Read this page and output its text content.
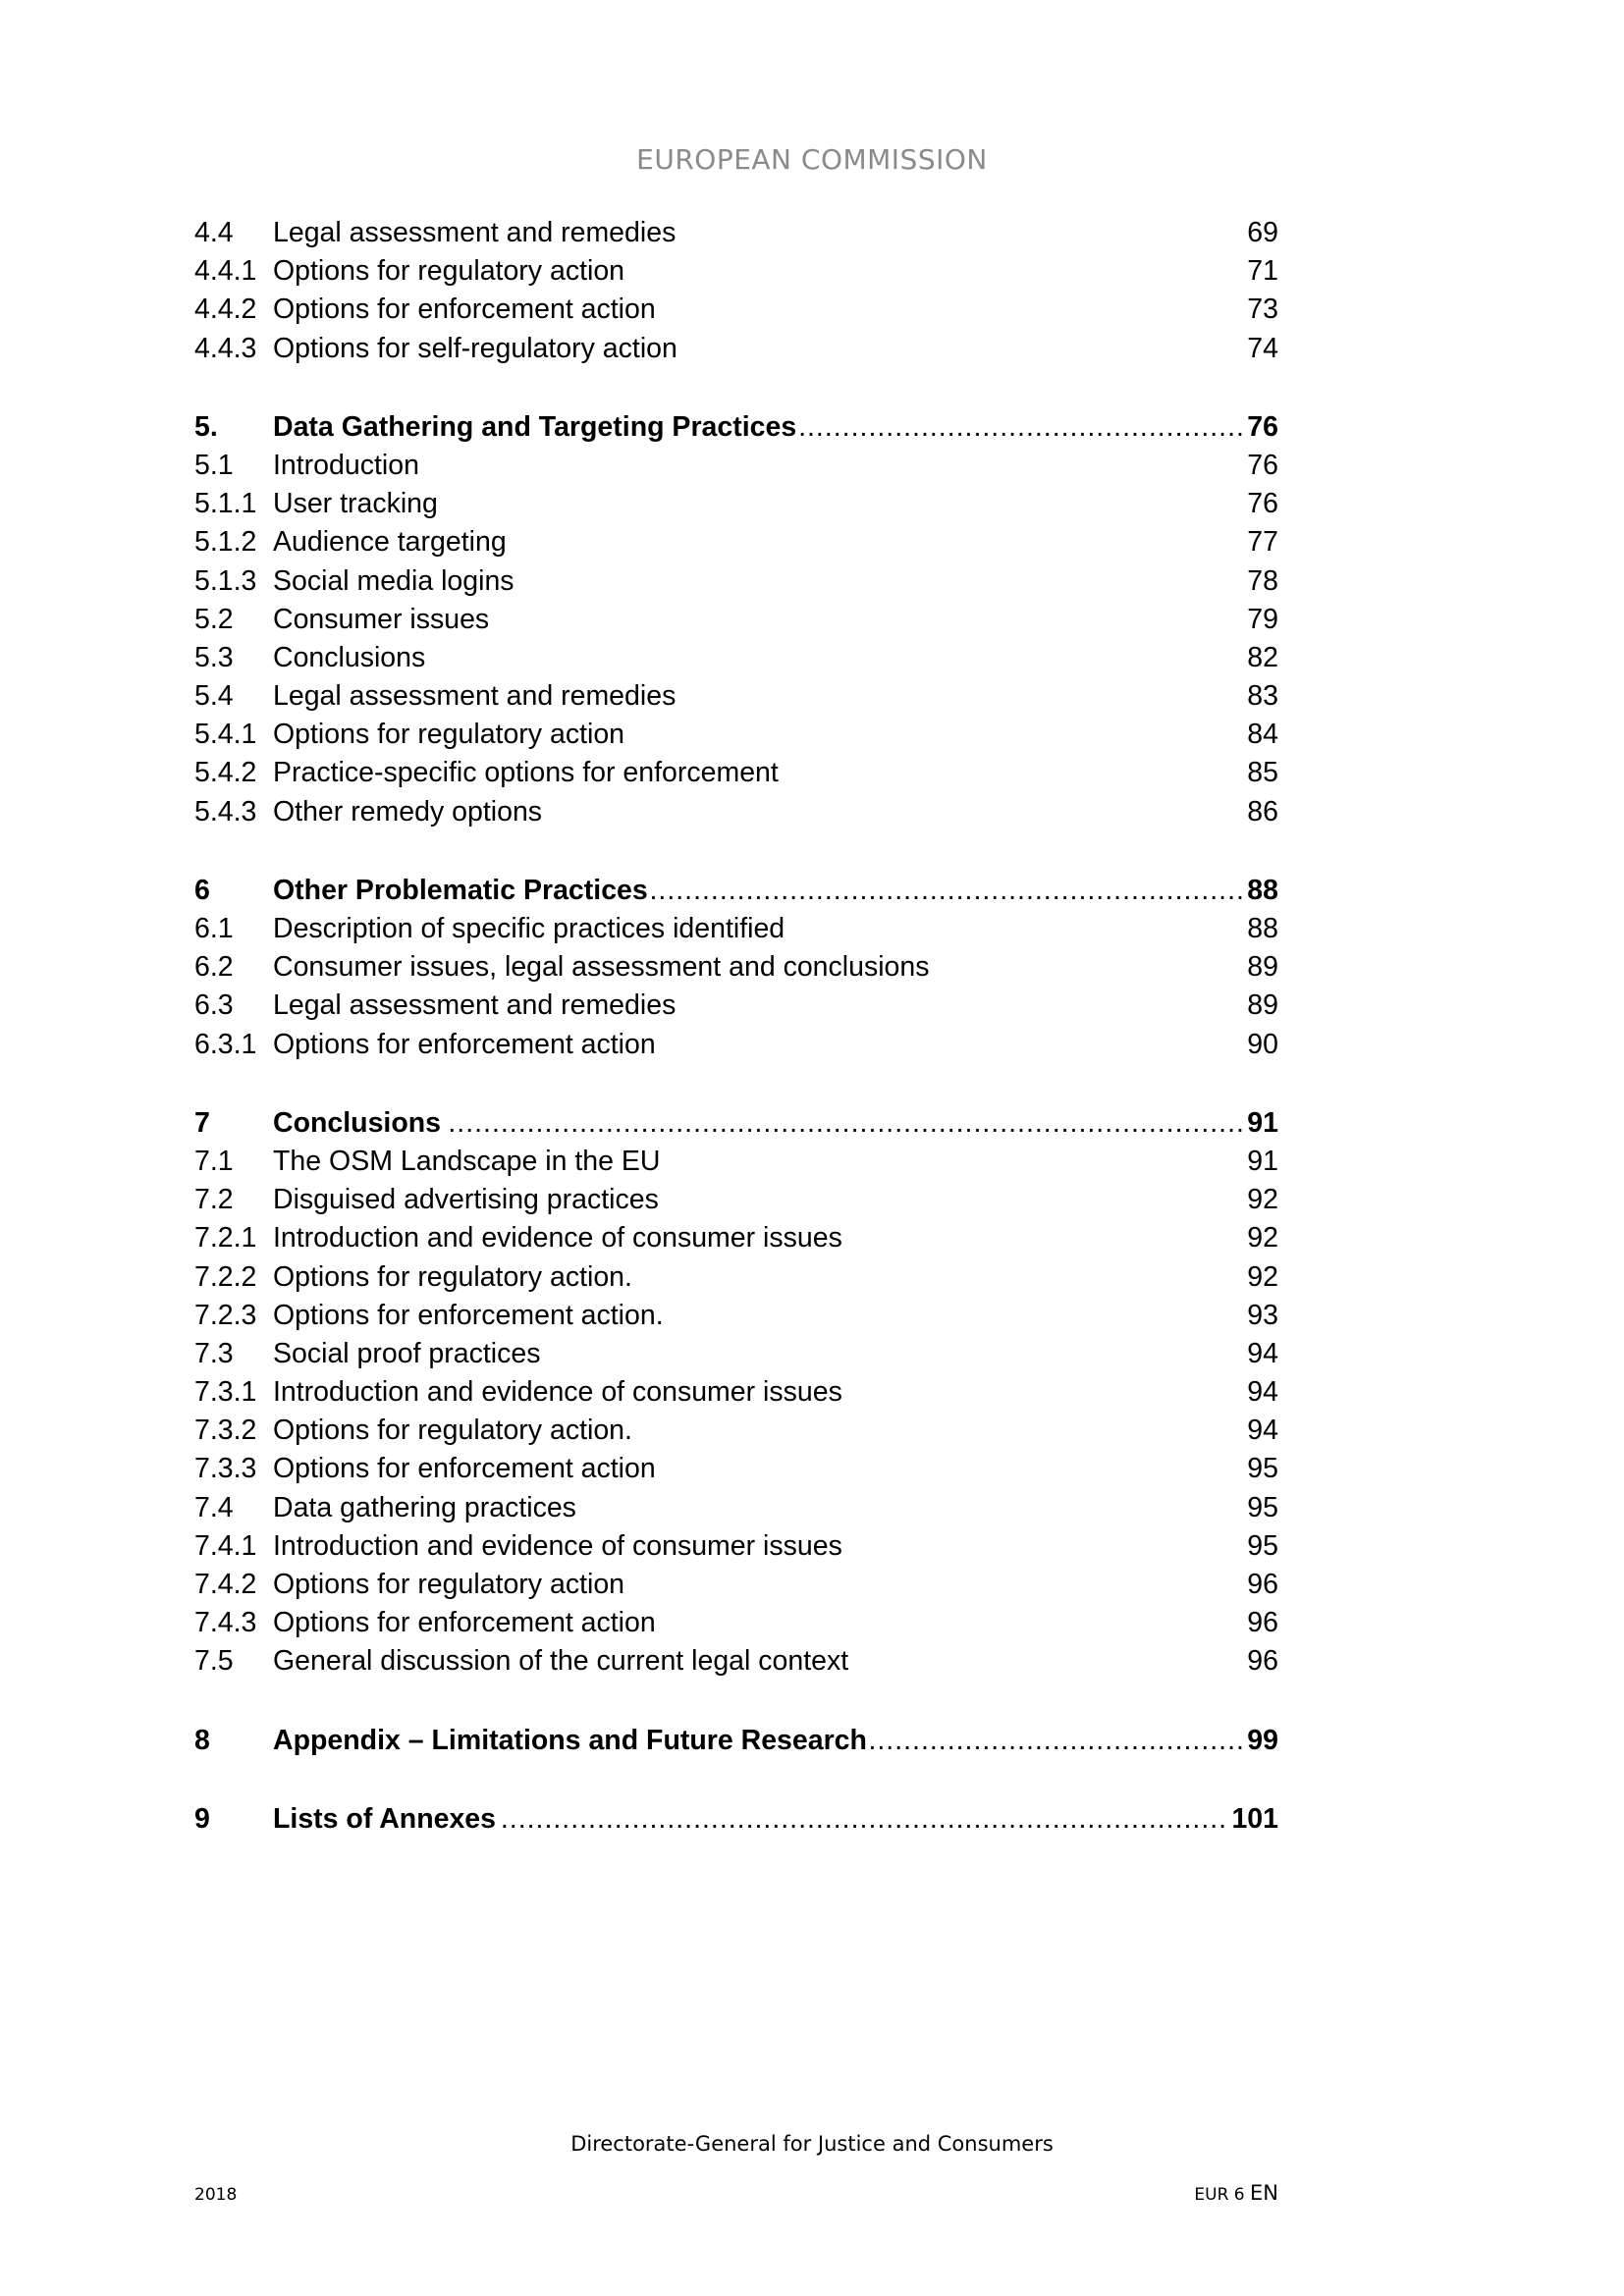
EUROPEAN COMMISSION
4.4 Legal assessment and remedies	69
4.4.1 Options for regulatory action	71
4.4.2 Options for enforcement action	73
4.4.3 Options for self-regulatory action	74
5. Data Gathering and Targeting Practices .....	76
5.1 Introduction	76
5.1.1 User tracking	76
5.1.2 Audience targeting	77
5.1.3 Social media logins	78
5.2 Consumer issues	79
5.3 Conclusions	82
5.4 Legal assessment and remedies	83
5.4.1 Options for regulatory action	84
5.4.2 Practice-specific options for enforcement	85
5.4.3 Other remedy options	86
6 Other Problematic Practices .....	88
6.1 Description of specific practices identified	88
6.2 Consumer issues, legal assessment and conclusions	89
6.3 Legal assessment and remedies	89
6.3.1 Options for enforcement action	90
7 Conclusions .....	91
7.1 The OSM Landscape in the EU	91
7.2 Disguised advertising practices	92
7.2.1 Introduction and evidence of consumer issues	92
7.2.2 Options for regulatory action.	92
7.2.3 Options for enforcement action.	93
7.3 Social proof practices	94
7.3.1 Introduction and evidence of consumer issues	94
7.3.2 Options for regulatory action.	94
7.3.3 Options for enforcement action	95
7.4 Data gathering practices	95
7.4.1 Introduction and evidence of consumer issues	95
7.4.2 Options for regulatory action	96
7.4.3 Options for enforcement action	96
7.5 General discussion of the current legal context	96
8 Appendix – Limitations and Future Research .....	99
9 Lists of Annexes .....	101
Directorate-General for Justice and Consumers
2018	EUR 6 EN
